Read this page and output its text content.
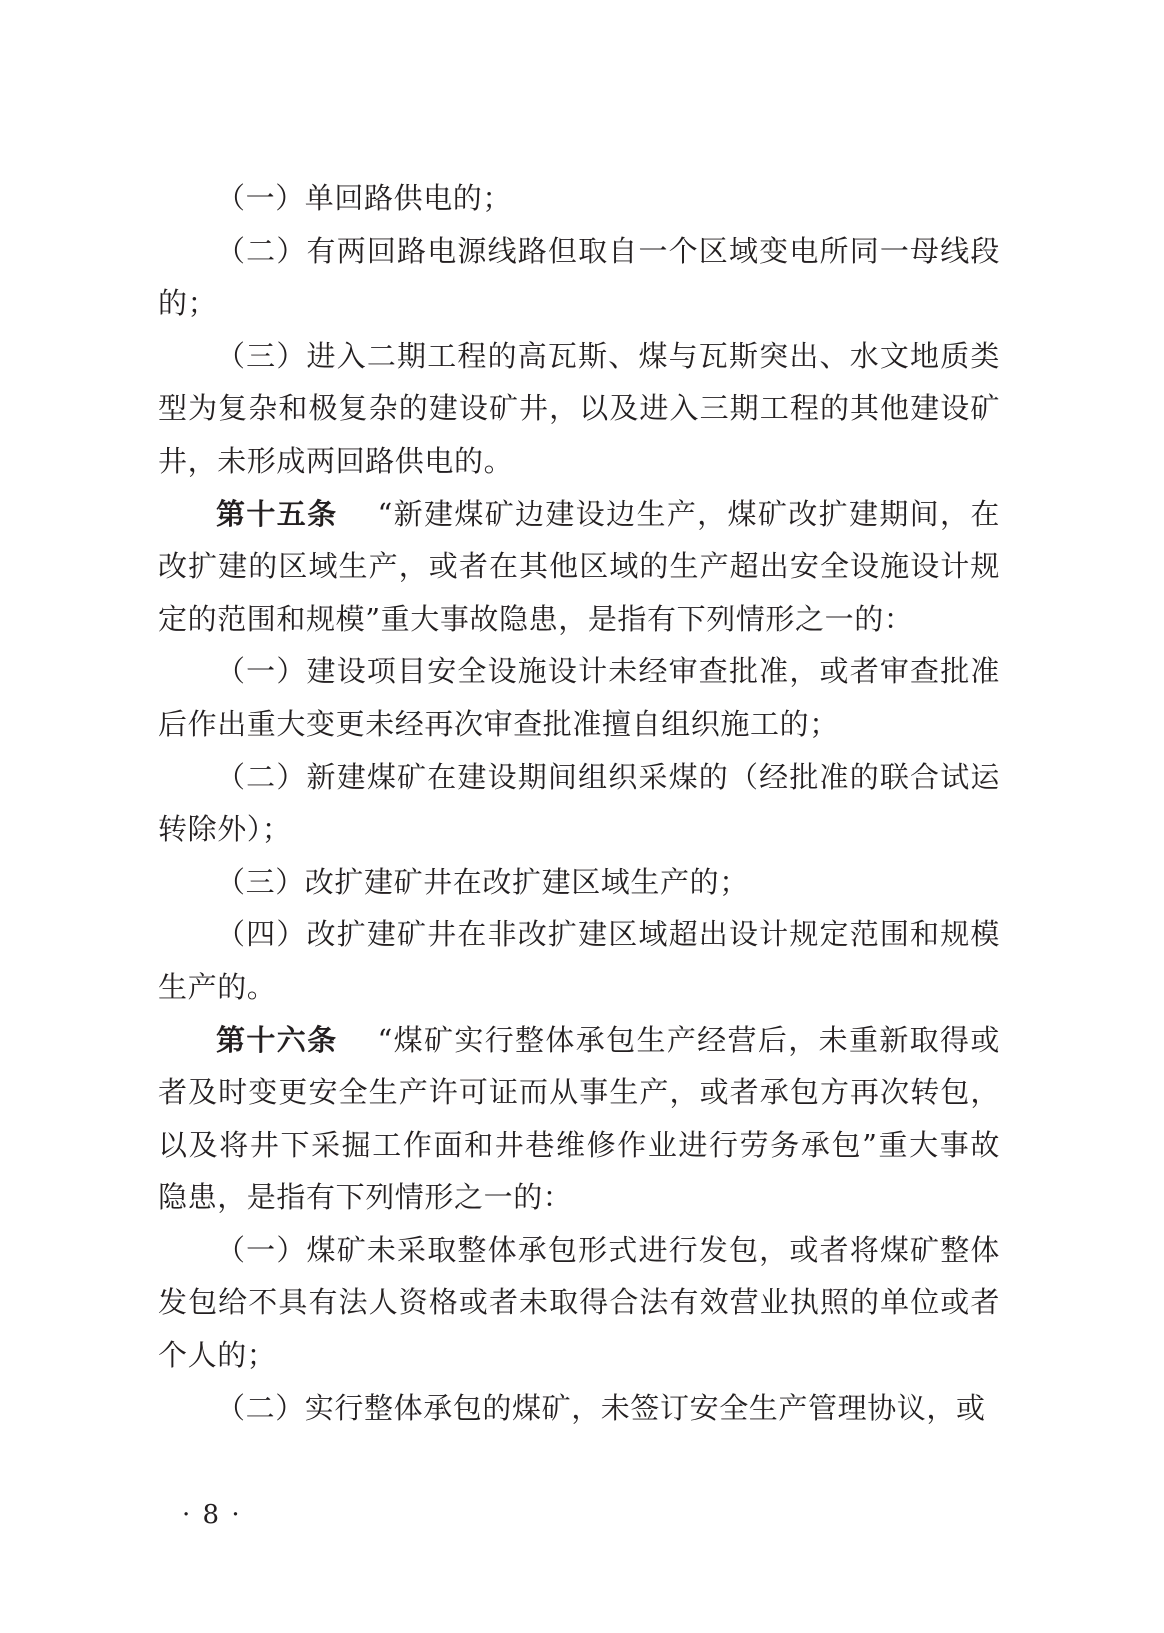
（一）单回路供电的；

（二）有两回路电源线路但取自一个区域变电所同一母线段的；

（三）进入二期工程的高瓦斯、煤与瓦斯突出、水文地质类型为复杂和极复杂的建设矿井，以及进入三期工程的其他建设矿井，未形成两回路供电的。

第十五条 “新建煤矿边建设边生产，煤矿改扩建期间，在改扩建的区域生产，或者在其他区域的生产超出安全设施设计规定的范围和规模”重大事故隐患，是指有下列情形之一的：

（一）建设项目安全设施设计未经审查批准，或者审查批准后作出重大变更未经再次审查批准擅自组织施工的；

（二）新建煤矿在建设期间组织采煤的（经批准的联合试运转除外）；

（三）改扩建矿井在改扩建区域生产的；

（四）改扩建矿井在非改扩建区域超出设计规定范围和规模生产的。

第十六条 “煤矿实行整体承包生产经营后，未重新取得或者及时变更安全生产许可证而从事生产，或者承包方再次转包，以及将井下采掘工作面和井巷维修作业进行劳务承包”重大事故隐患，是指有下列情形之一的：

（一）煤矿未采取整体承包形式进行发包，或者将煤矿整体发包给不具有法人资格或者未取得合法有效营业执照的单位或者个人的；

（二）实行整体承包的煤矿，未签订安全生产管理协议，或

· 8 ·
